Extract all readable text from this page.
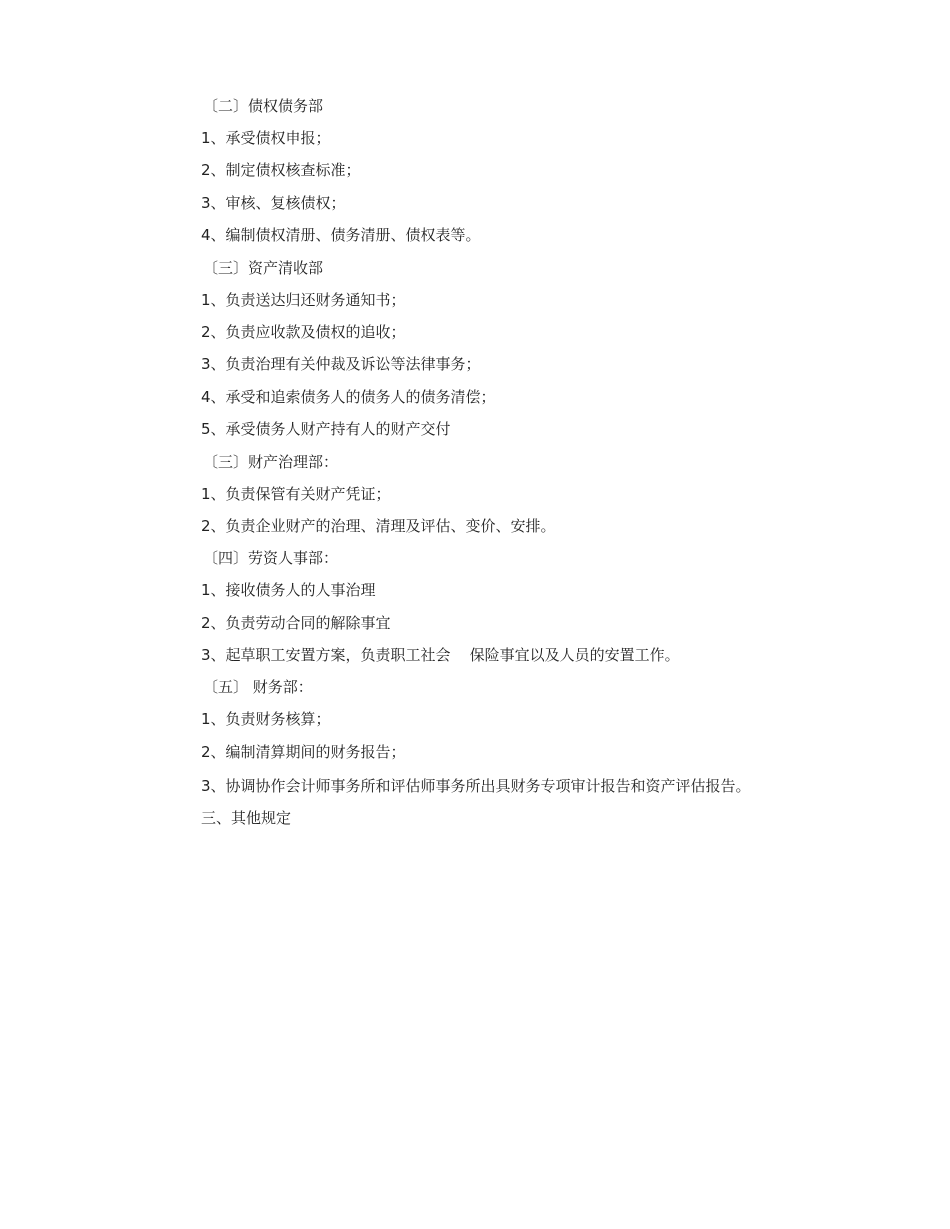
〔二〕债权债务部

1、承受债权申报；

2、制定债权核查标准；

3、审核、复核债权；

4、编制债权清册、债务清册、债权表等。

〔三〕资产清收部

1、负责送达归还财务通知书；

2、负责应收款及债权的追收；

3、负责治理有关仲裁及诉讼等法律事务；

4、承受和追索债务人的债务人的债务清偿；

5、承受债务人财产持有人的财产交付

〔三〕财产治理部：

1、负责保管有关财产凭证；

2、负责企业财产的治理、清理及评估、变价、安排。

〔四〕劳资人事部：

1、接收债务人的人事治理

2、负责劳动合同的解除事宜

3、起草职工安置方案，负责职工社会    保险事宜以及人员的安置工作。

〔五〕 财务部：

1、负责财务核算；

2、编制清算期间的财务报告；

3、协调协作会计师事务所和评估师事务所出具财务专项审计报告和资产评估报告。

三、其他规定
